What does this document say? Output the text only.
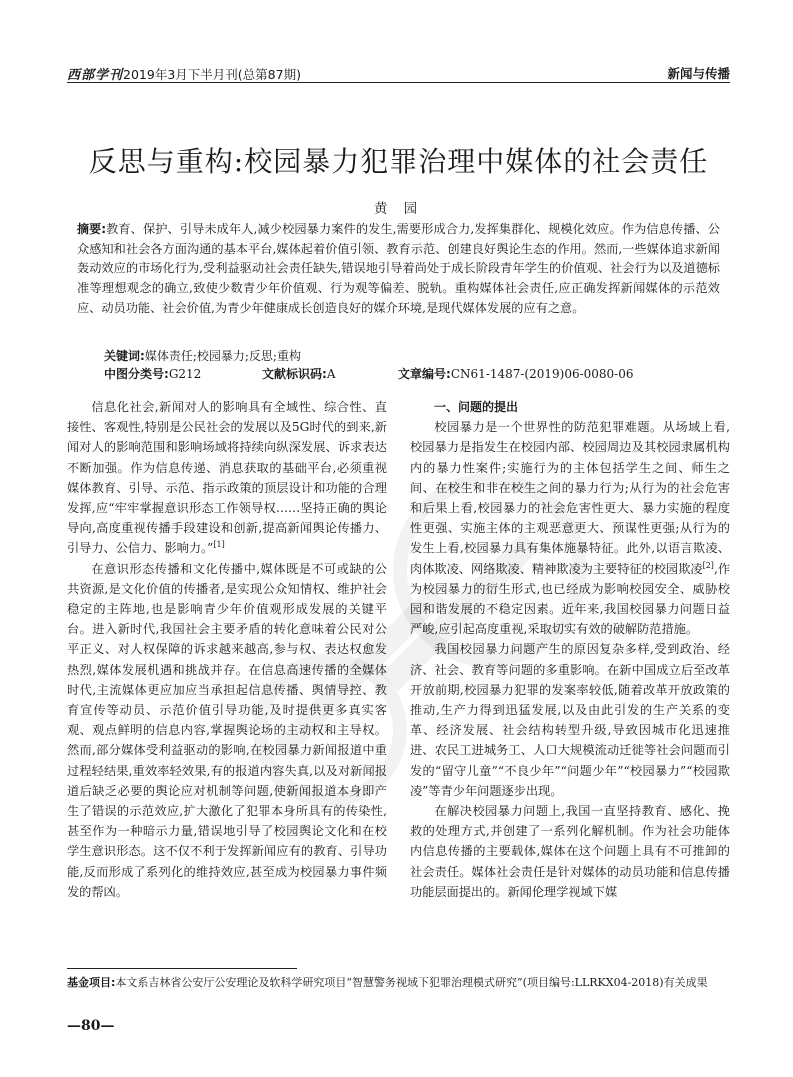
西部学刊2019年3月下半月刊(总第87期)	新闻与传播
反思与重构:校园暴力犯罪治理中媒体的社会责任
黄 园
摘要:教育、保护、引导未成年人,减少校园暴力案件的发生,需要形成合力,发挥集群化、规模化效应。作为信息传播、公众感知和社会各方面沟通的基本平台,媒体起着价值引领、教育示范、创建良好舆论生态的作用。然而,一些媒体追求新闻轰动效应的市场化行为,受利益驱动社会责任缺失,错误地引导着尚处于成长阶段青年学生的价值观、社会行为以及道德标准等理想观念的确立,致使少数青少年价值观、行为观等偏差、脱轨。重构媒体社会责任,应正确发挥新闻媒体的示范效应、动员功能、社会价值,为青少年健康成长创造良好的媒介环境,是现代媒体发展的应有之意。
关键词:媒体责任;校园暴力;反思;重构
中图分类号:G212	文献标识码:A	文章编号:CN61-1487-(2019)06-0080-06

信息化社会,新闻对人的影响具有全域性、综合性、直接性、客观性,特别是公民社会的发展以及5G时代的到来,新闻对人的影响范围和影响场域将持续向纵深发展、诉求表达不断加强。作为信息传递、消息获取的基础平台,必须重视媒体教育、引导、示范、指示政策的顶层设计和功能的合理发挥,应“牢牢掌握意识形态工作领导权……坚持正确的舆论导向,高度重视传播手段建设和创新,提高新闻舆论传播力、引导力、公信力、影响力。”[1]

在意识形态传播和文化传播中,媒体既是不可或缺的公共资源,是文化价值的传播者,是实现公众知情权、维护社会稳定的主阵地,也是影响青少年价值观形成发展的关键平台。进入新时代,我国社会主要矛盾的转化意味着公民对公平正义、对人权保障的诉求越来越高,参与权、表达权愈发热烈,媒体发展机遇和挑战并存。在信息高速传播的全媒体时代,主流媒体更应加应当承担起信息传播、舆情导控、教育宣传等动员、示范价值引导功能,及时提供更多真实客观、观点鲜明的信息内容,掌握舆论场的主动权和主导权。然而,部分媒体受利益驱动的影响,在校园暴力新闻报道中重过程轻结果,重效率轻效果,有的报道内容失真,以及对新闻报道后缺乏必要的舆论应对机制等问题,使新闻报道本身即产生了错误的示范效应,扩大激化了犯罪本身所具有的传染性,甚至作为一种暗示力量,错误地引导了校园舆论文化和在校学生意识形态。这不仅不利于发挥新闻应有的教育、引导功能,反而形成了系列化的维持效应,甚至成为校园暴力事件频发的帮凶。

一、问题的提出

校园暴力是一个世界性的防范犯罪难题。从场域上看,校园暴力是指发生在校园内部、校园周边及其校园隶属机构内的暴力性案件;实施行为的主体包括学生之间、师生之间、在校生和非在校生之间的暴力行为;从行为的社会危害和后果上看,校园暴力的社会危害性更大、暴力实施的程度性更强、实施主体的主观恶意更大、预谋性更强;从行为的发生上看,校园暴力具有集体施暴特征。此外,以语言欺凌、肉体欺凌、网络欺凌、精神欺凌为主要特征的校园欺凌[2],作为校园暴力的衍生形式,也已经成为影响校园安全、威胁校园和谐发展的不稳定因素。近年来,我国校园暴力问题日益严峻,应引起高度重视,采取切实有效的破解防范措施。

我国校园暴力问题产生的原因复杂多样,受到政治、经济、社会、教育等问题的多重影响。在新中国成立后至改革开放前期,校园暴力犯罪的发案率较低,随着改革开放政策的推动,生产力得到迅猛发展,以及由此引发的生产关系的变革、经济发展、社会结构转型升级,导致因城市化迅速推进、农民工进城务工、人口大规模流动迁徙等社会问题而引发的“留守儿童”“不良少年”“问题少年”“校园暴力”“校园欺凌”等青少年问题逐步出现。

在解决校园暴力问题上,我国一直坚持教育、感化、挽救的处理方式,并创建了一系列化解机制。作为社会功能体内信息传播的主要载体,媒体在这个问题上具有不可推卸的社会责任。媒体社会责任是针对媒体的动员功能和信息传播功能层面提出的。新闻伦理学视域下媒

基金项目:本文系吉林省公安厅公安理论及软科学研究项目“智慧警务视域下犯罪治理模式研究”(项目编号:LLRKX04-2018)有关成果
—80—
